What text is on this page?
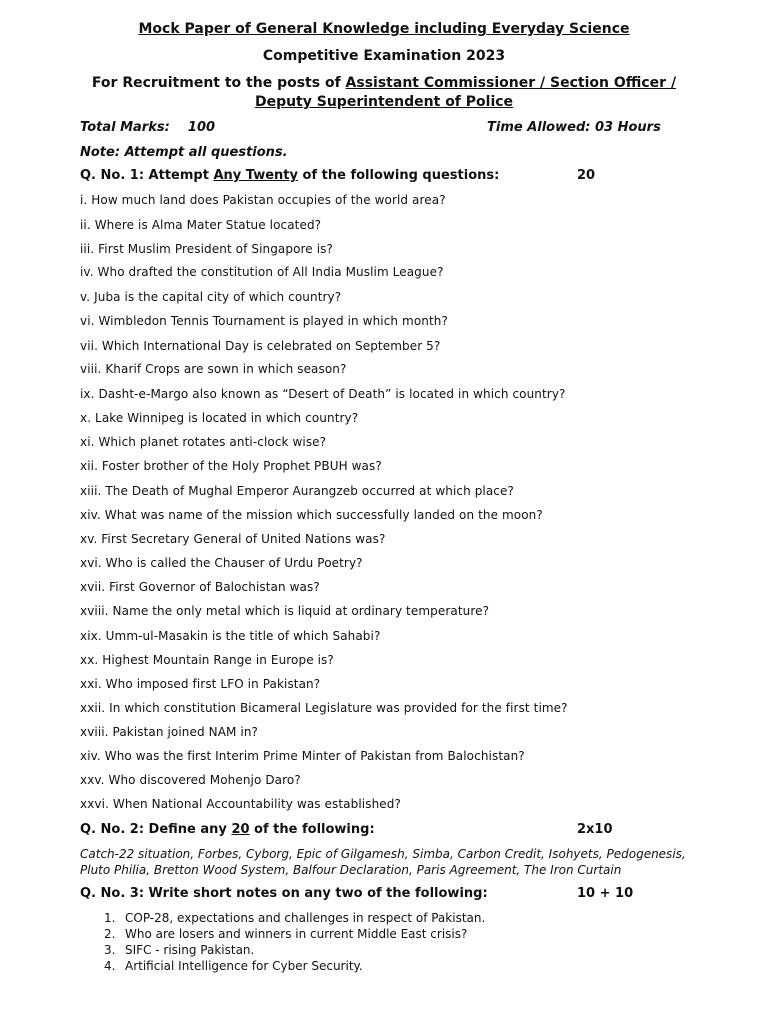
Mock Paper of General Knowledge including Everyday Science
Competitive Examination 2023
For Recruitment to the posts of Assistant Commissioner / Section Officer /
Deputy Superintendent of Police
Total Marks: 100	Time Allowed: 03 Hours
Note: Attempt all questions.
Q. No. 1: Attempt Any Twenty of the following questions:	20
i. How much land does Pakistan occupies of the world area?
ii. Where is Alma Mater Statue located?
iii. First Muslim President of Singapore is?
iv. Who drafted the constitution of All India Muslim League?
v. Juba is the capital city of which country?
vi. Wimbledon Tennis Tournament is played in which month?
vii. Which International Day is celebrated on September 5?
viii. Kharif Crops are sown in which season?
ix. Dasht-e-Margo also known as “Desert of Death” is located in which country?
x. Lake Winnipeg is located in which country?
xi. Which planet rotates anti-clock wise?
xii. Foster brother of the Holy Prophet PBUH was?
xiii. The Death of Mughal Emperor Aurangzeb occurred at which place?
xiv. What was name of the mission which successfully landed on the moon?
xv. First Secretary General of United Nations was?
xvi. Who is called the Chauser of Urdu Poetry?
xvii. First Governor of Balochistan was?
xviii. Name the only metal which is liquid at ordinary temperature?
xix. Umm-ul-Masakin is the title of which Sahabi?
xx. Highest Mountain Range in Europe is?
xxi. Who imposed first LFO in Pakistan?
xxii. In which constitution Bicameral Legislature was provided for the first time?
xviii. Pakistan joined NAM in?
xiv. Who was the first Interim Prime Minter of Pakistan from Balochistan?
xxv. Who discovered Mohenjo Daro?
xxvi. When National Accountability was established?
Q. No. 2: Define any 20 of the following:	2x10
Catch-22 situation, Forbes, Cyborg, Epic of Gilgamesh, Simba, Carbon Credit, Isohyets, Pedogenesis,
Pluto Philia, Bretton Wood System, Balfour Declaration, Paris Agreement, The Iron Curtain
Q. No. 3: Write short notes on any two of the following:	10 + 10
1. COP-28, expectations and challenges in respect of Pakistan.
2. Who are losers and winners in current Middle East crisis?
3. SIFC - rising Pakistan.
4. Artificial Intelligence for Cyber Security.
